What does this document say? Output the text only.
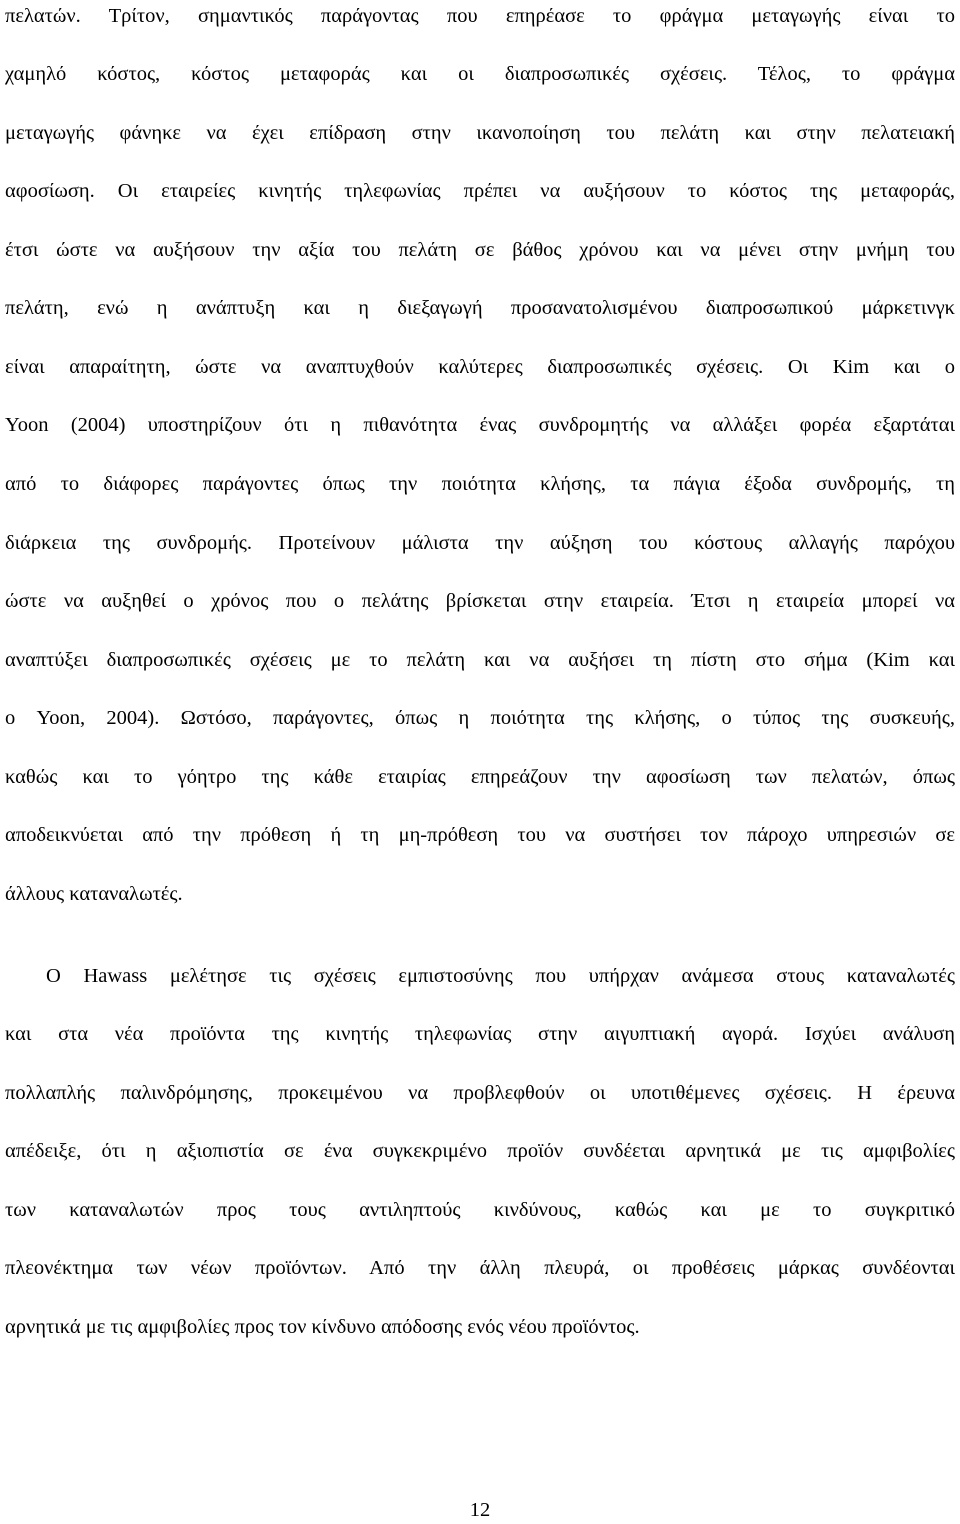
πελατών. Τρίτον, σημαντικός παράγοντας που επηρέασε το φράγμα μεταγωγής είναι το
χαμηλό κόστος, κόστος μεταφοράς και οι διαπροσωπικές σχέσεις. Τέλος, το φράγμα
μεταγωγής φάνηκε να έχει επίδραση στην ικανοποίηση του πελάτη και στην πελατειακή
αφοσίωση. Οι εταιρείες κινητής τηλεφωνίας πρέπει να αυξήσουν το κόστος της μεταφοράς,
έτσι ώστε να αυξήσουν την αξία του πελάτη σε βάθος χρόνου και να μένει στην μνήμη του
πελάτη, ενώ η ανάπτυξη και η διεξαγωγή προσανατολισμένου διαπροσωπικού μάρκετινγκ
είναι απαραίτητη, ώστε να αναπτυχθούν καλύτερες διαπροσωπικές σχέσεις. Οι Kim και ο
Yoon (2004) υποστηρίζουν ότι η πιθανότητα ένας συνδρομητής να αλλάξει φορέα εξαρτάται
από το διάφορες παράγοντες όπως την ποιότητα κλήσης, τα πάγια έξοδα συνδρομής, τη
διάρκεια της συνδρομής. Προτείνουν μάλιστα την αύξηση του κόστους αλλαγής παρόχου
ώστε να αυξηθεί ο χρόνος που ο πελάτης βρίσκεται στην εταιρεία. Έτσι η εταιρεία μπορεί να
αναπτύξει διαπροσωπικές σχέσεις με το πελάτη και να αυξήσει τη πίστη στο σήμα (Kim και
ο Yoon, 2004). Ωστόσο, παράγοντες, όπως η ποιότητα της κλήσης, ο τύπος της συσκευής,
καθώς και το γόητρο της κάθε εταιρίας επηρεάζουν την αφοσίωση των πελατών, όπως
αποδεικνύεται από την πρόθεση ή τη μη-πρόθεση του να συστήσει τον πάροχο υπηρεσιών σε
άλλους καταναλωτές.
Ο Hawass μελέτησε τις σχέσεις εμπιστοσύνης που υπήρχαν ανάμεσα στους καταναλωτές
και στα νέα προϊόντα της κινητής τηλεφωνίας στην αιγυπτιακή αγορά. Ισχύει ανάλυση
πολλαπλής παλινδρόμησης, προκειμένου να προβλεφθούν οι υποτιθέμενες σχέσεις. Η έρευνα
απέδειξε, ότι η αξιοπιστία σε ένα συγκεκριμένο προϊόν συνδέεται αρνητικά με τις αμφιβολίες
των καταναλωτών προς τους αντιληπτούς κινδύνους, καθώς και με το συγκριτικό
πλεονέκτημα των νέων προϊόντων. Από την άλλη πλευρά, οι προθέσεις μάρκας συνδέονται
αρνητικά με τις αμφιβολίες προς τον κίνδυνο απόδοσης ενός νέου προϊόντος.
12
